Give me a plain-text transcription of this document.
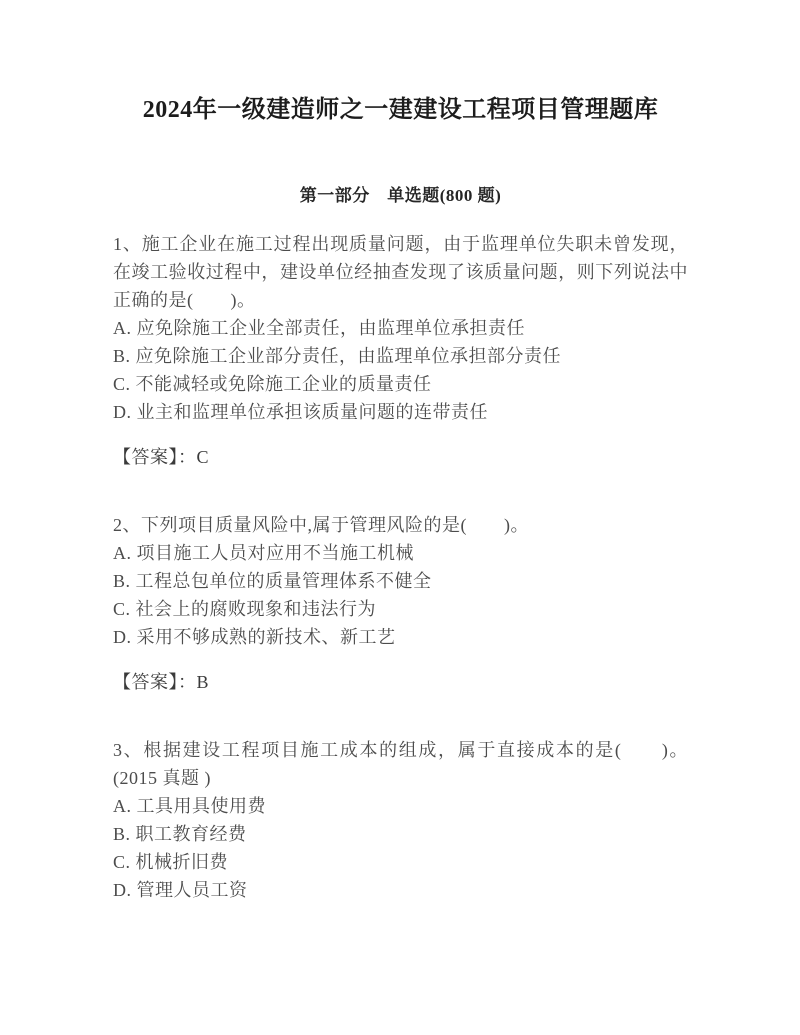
2024年一级建造师之一建建设工程项目管理题库
第一部分　单选题(800 题)

1、施工企业在施工过程出现质量问题，由于监理单位失职未曾发现，在竣工验收过程中，建设单位经抽查发现了该质量问题，则下列说法中正确的是(　　)。

A. 应免除施工企业全部责任，由监理单位承担责任

B. 应免除施工企业部分责任，由监理单位承担部分责任

C. 不能减轻或免除施工企业的质量责任

D. 业主和监理单位承担该质量问题的连带责任

【答案】：C

2、下列项目质量风险中,属于管理风险的是(　　)。

A. 项目施工人员对应用不当施工机械

B. 工程总包单位的质量管理体系不健全

C. 社会上的腐败现象和违法行为

D. 采用不够成熟的新技术、新工艺

【答案】：B

3、根据建设工程项目施工成本的组成，属于直接成本的是(　　)。(2015 真题 )

A. 工具用具使用费

B. 职工教育经费

C. 机械折旧费

D. 管理人员工资
